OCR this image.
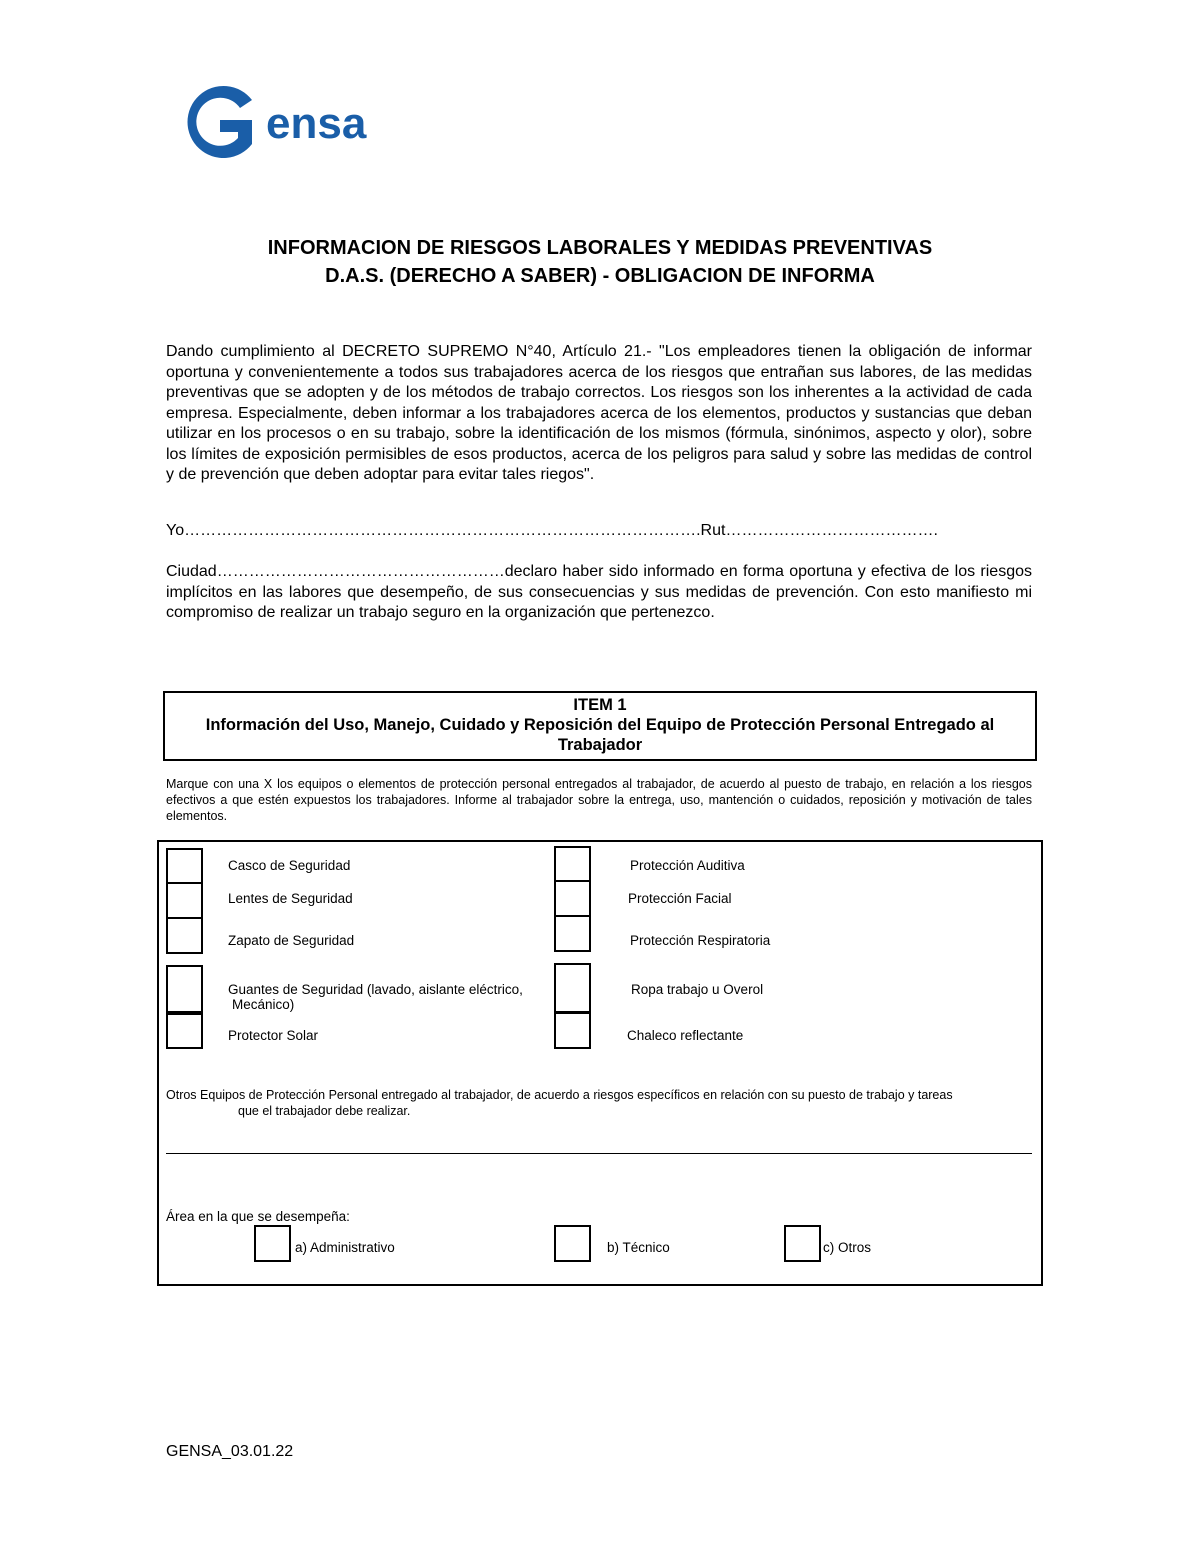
ensa
INFORMACION DE RIESGOS LABORALES Y MEDIDAS PREVENTIVAS
D.A.S. (DERECHO A SABER) - OBLIGACION DE INFORMA

Dando cumplimiento al DECRETO SUPREMO N°40, Artículo 21.- "Los empleadores tienen la obligación de informar oportuna y convenientemente a todos sus trabajadores acerca de los riesgos que entrañan sus labores, de las medidas preventivas que se adopten y de los métodos de trabajo correctos. Los riesgos son los inherentes a la actividad de cada empresa. Especialmente, deben informar a los trabajadores acerca de los elementos, productos y sustancias que deban utilizar en los procesos o en su trabajo, sobre la identificación de los mismos (fórmula, sinónimos, aspecto y olor), sobre los límites de exposición permisibles de esos productos, acerca de los peligros para salud y sobre las medidas de control y de prevención que deben adoptar para evitar tales riegos".

Yo…………………………………………………………………………………….Rut………………………………….

Ciudad………………………………………………declaro haber sido informado en forma oportuna y efectiva de los riesgos implícitos en las labores que desempeño, de sus consecuencias y sus medidas de prevención. Con esto manifiesto mi compromiso de realizar un trabajo seguro en la organización que pertenezco.

ITEM 1
Información del Uso, Manejo, Cuidado y Reposición del Equipo de Protección Personal Entregado al Trabajador

Marque con una X los equipos o elementos de protección personal entregados al trabajador, de acuerdo al puesto de trabajo, en relación a los riesgos efectivos a que estén expuestos los trabajadores. Informe al trabajador sobre la entrega, uso, mantención o cuidados, reposición y motivación de tales elementos.

Casco de Seguridad
Lentes de Seguridad
Zapato de Seguridad
Guantes de Seguridad (lavado, aislante eléctrico,
Mecánico)
Protector Solar
Protección Auditiva
Protección Facial
Protección Respiratoria
Ropa trabajo u Overol
Chaleco reflectante

Otros Equipos de Protección Personal entregado al trabajador, de acuerdo a riesgos específicos en relación con su puesto de trabajo y tareas
que el trabajador debe realizar.

Área en la que se desempeña:
a) Administrativo	b) Técnico	c) Otros
GENSA_03.01.22
